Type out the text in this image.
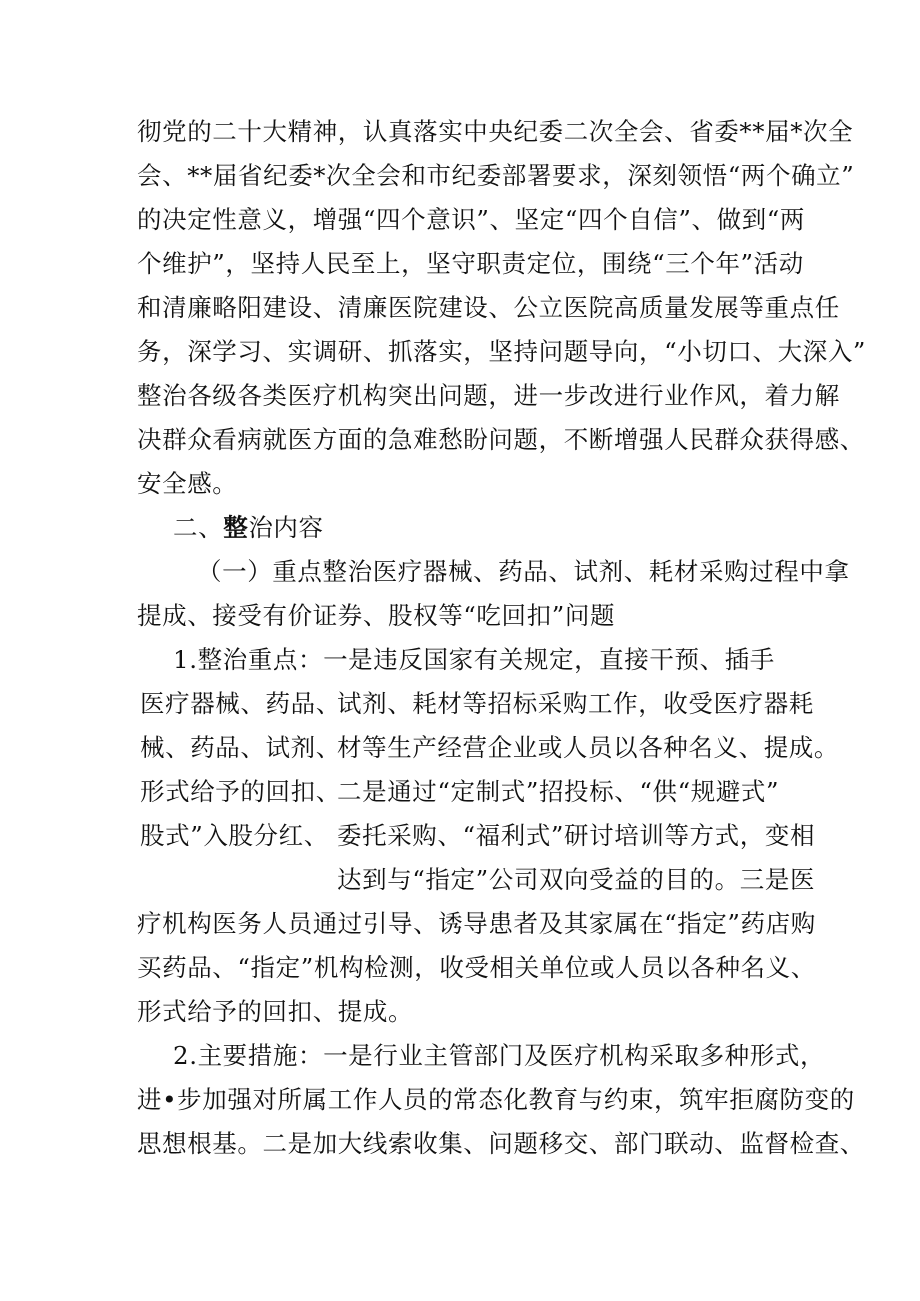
彻党的二十大精神，认真落实中央纪委二次全会、省委**届*次全
会、**届省纪委*次全会和市纪委部署要求，深刻领悟“两个确立”
的决定性意义，增强“四个意识”、坚定“四个自信”、做到“两
个维护”，坚持人民至上，坚守职责定位，围绕“三个年”活动
和清廉略阳建设、清廉医院建设、公立医院高质量发展等重点任
务，深学习、实调研、抓落实，坚持问题导向，“小切口、大深入”
整治各级各类医疗机构突出问题，进一步改进行业作风，着力解
决群众看病就医方面的急难愁盼问题，不断增强人民群众获得感、
安全感。
二、整治内容
（一）重点整治医疗器械、药品、试剂、耗材采购过程中拿
提成、接受有价证券、股权等“吃回扣”问题
1.整治重点：一是违反国家有关规定，直接干预、插手
医疗器械、药品、
试剂、耗材等招标采购工作，收受医疗器耗
械、药品、试剂、
材等生产经营企业或人员以各种名义、提成。
形式给予的回扣、
二是通过“定制式”招投标、“供“规避式”
股式”入股分红、 委托采购、“福利式”研讨培训等方式，变相
达到与“指定”公司双向受益的目的。三是医
疗机构医务人员通过引导、诱导患者及其家属在“指定”药店购
买药品、“指定”机构检测，收受相关单位或人员以各种名义、
形式给予的回扣、提成。
2.主要措施：一是行业主管部门及医疗机构采取多种形式，
进•步加强对所属工作人员的常态化教育与约束，筑牢拒腐防变的
思想根基。二是加大线索收集、问题移交、部门联动、监督检查、
